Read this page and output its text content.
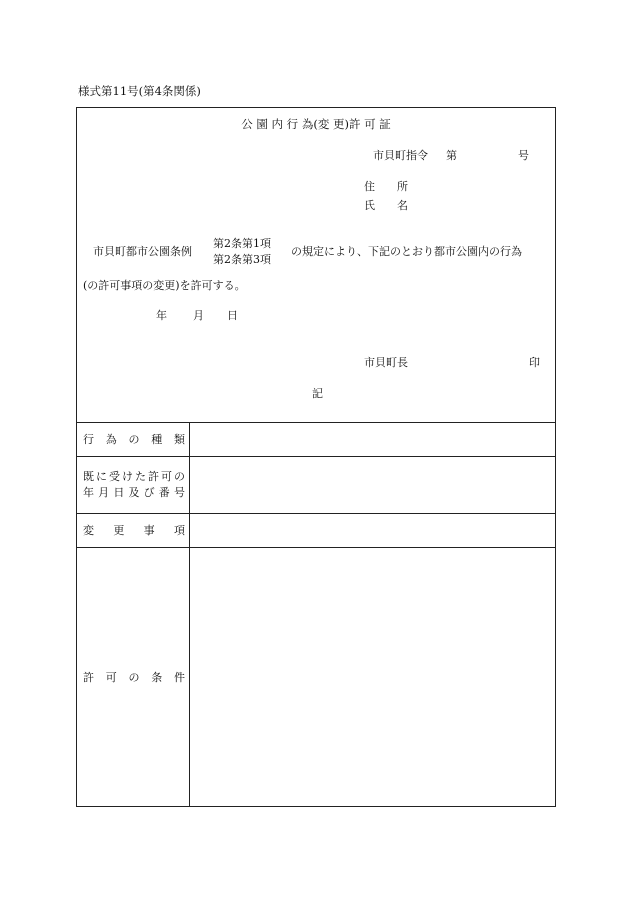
様式第11号(第4条関係)
公 園 内 行 為(変 更)許 可 証
市貝町指令 第	号
住　　所
氏　　名
市貝町都市公園条例
第2条第1項
第2条第3項
の規定により、下記のとおり都市公園内の行為
(の許可事項の変更)を許可する。
年 月 日
市貝町長	印
記
行 為 の 種 類
既 に 受 け た 許 可 の
年 月 日 及 び 番 号
変 更 事 項
許 可 の 条 件
